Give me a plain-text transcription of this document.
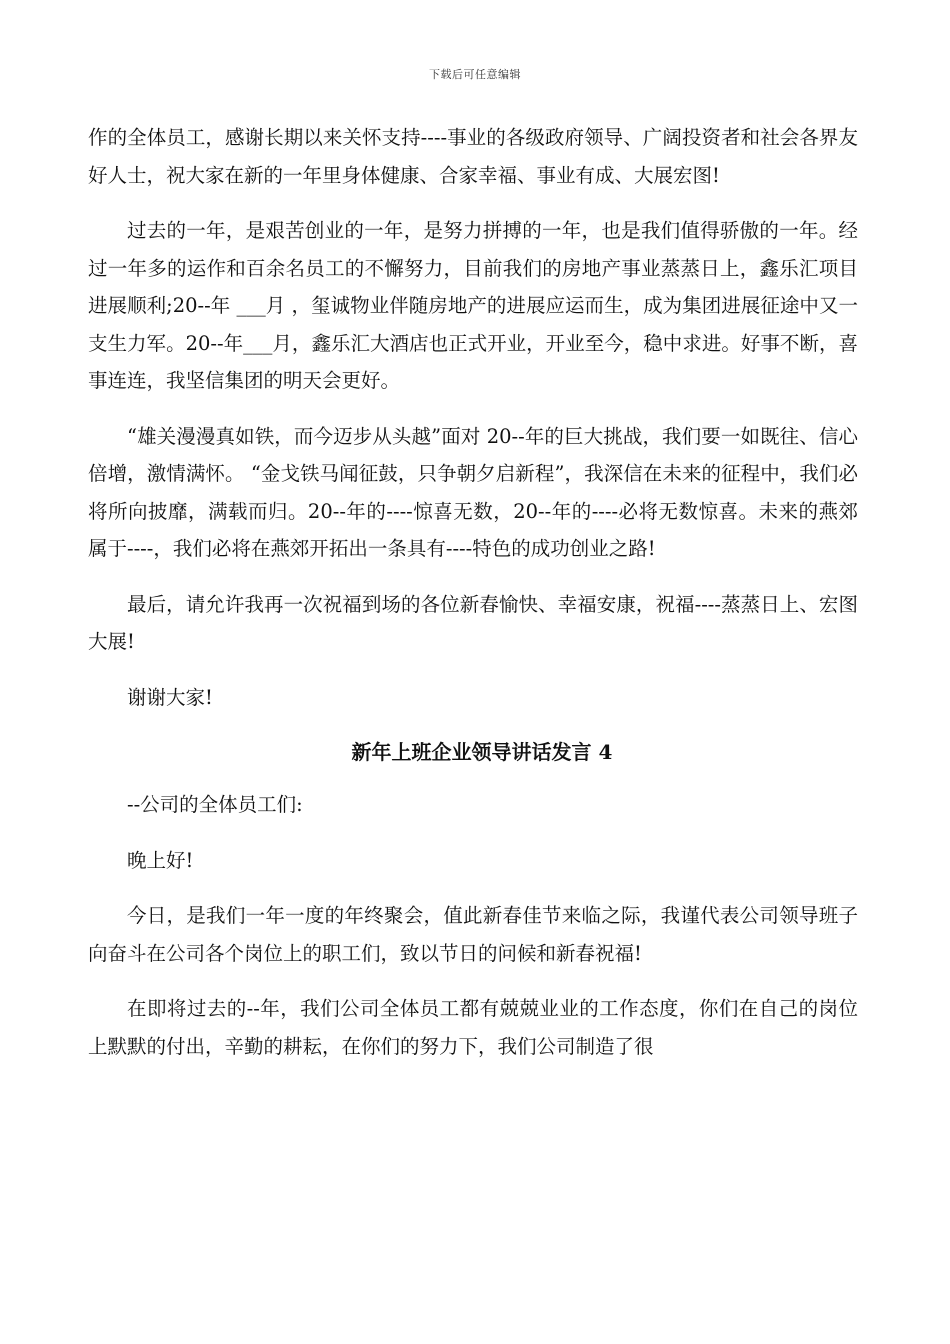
下载后可任意编辑

作的全体员工，感谢长期以来关怀支持----事业的各级政府领导、广阔投资者和社会各界友好人士，祝大家在新的一年里身体健康、合家幸福、事业有成、大展宏图!

过去的一年，是艰苦创业的一年，是努力拼搏的一年，也是我们值得骄傲的一年。经过一年多的运作和百余名员工的不懈努力，目前我们的房地产事业蒸蒸日上，鑫乐汇项目进展顺利;20--年 ___月 ，玺诚物业伴随房地产的进展应运而生，成为集团进展征途中又一支生力军。20--年___月，鑫乐汇大酒店也正式开业，开业至今，稳中求进。好事不断，喜事连连，我坚信集团的明天会更好。

“雄关漫漫真如铁，而今迈步从头越”面对 20--年的巨大挑战，我们要一如既往、信心倍增，激情满怀。 “金戈铁马闻征鼓，只争朝夕启新程”，我深信在未来的征程中，我们必将所向披靡，满载而归。20--年的----惊喜无数，20--年的----必将无数惊喜。未来的燕郊属于----，我们必将在燕郊开拓出一条具有----特色的成功创业之路!

最后，请允许我再一次祝福到场的各位新春愉快、幸福安康，祝福----蒸蒸日上、宏图大展!

谢谢大家!

新年上班企业领导讲话发言 4

--公司的全体员工们:

晚上好!

今日，是我们一年一度的年终聚会，值此新春佳节来临之际，我谨代表公司领导班子向奋斗在公司各个岗位上的职工们，致以节日的问候和新春祝福!

在即将过去的--年，我们公司全体员工都有兢兢业业的工作态度，你们在自己的岗位上默默的付出，辛勤的耕耘，在你们的努力下，我们公司制造了很
